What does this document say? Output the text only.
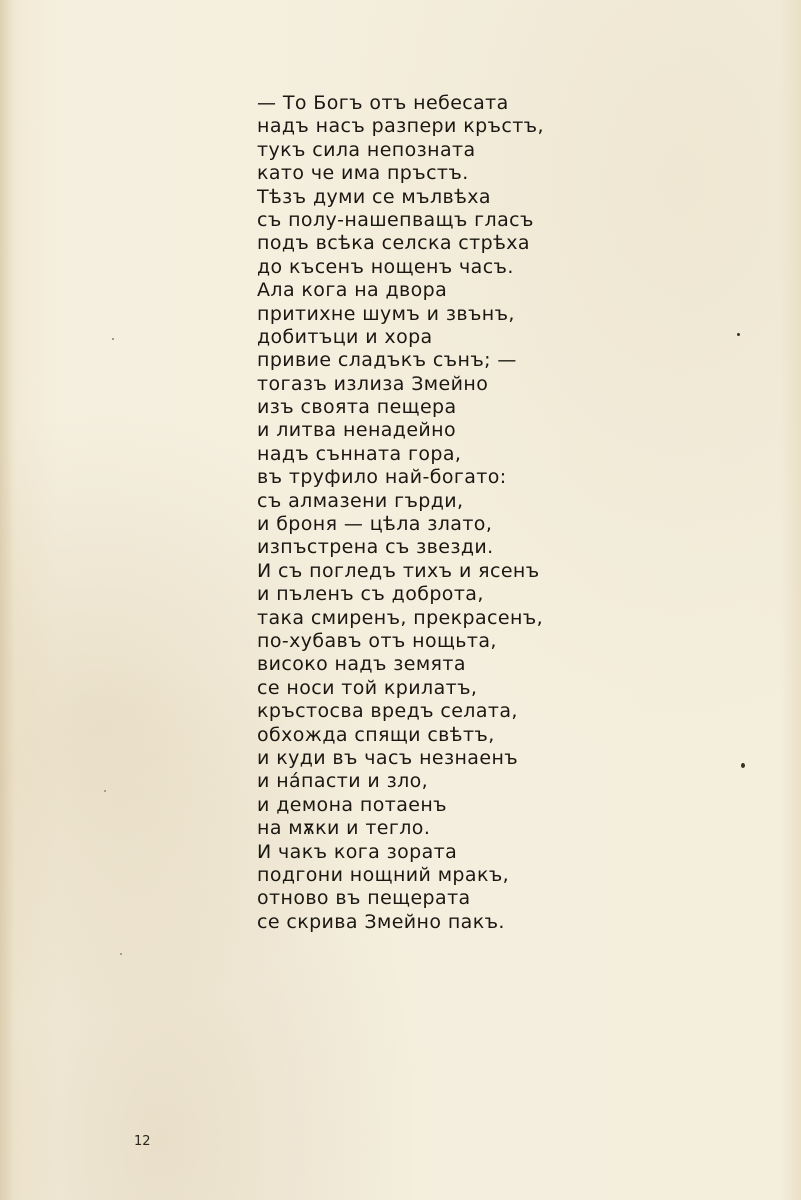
— То Богъ отъ небесата
надъ насъ разпери кръстъ,
тукъ сила непозната
като че има пръстъ.
Тѣзъ думи се мълвѣха
съ полу-нашепващъ гласъ
подъ всѣка селска стрѣха
до късенъ нощенъ часъ.
Ала кога на двора
притихне шумъ и звънъ,
добитъци и хора
привие сладъкъ сънъ; —
тогазъ излиза Змейно
изъ своята пещера
и литва ненадейно
надъ сънната гора,
въ труфило най-богато:
съ алмазени гърди,
и броня — цѣла злато,
изпъстрена съ звезди.
И съ погледъ тихъ и ясенъ
и пъленъ съ доброта,
така смиренъ, прекрасенъ,
по-хубавъ отъ нощьта,
високо надъ земята
се носи той крилатъ,
кръстосва вредъ селата,
обхожда спящи свѣтъ,
и куди въ часъ незнаенъ
и на́пасти и зло,
и демона потаенъ
на мѫки и тегло.
И чакъ кога зората
подгони нощний мракъ,
отново въ пещерата
се скрива Змейно пакъ.
12
